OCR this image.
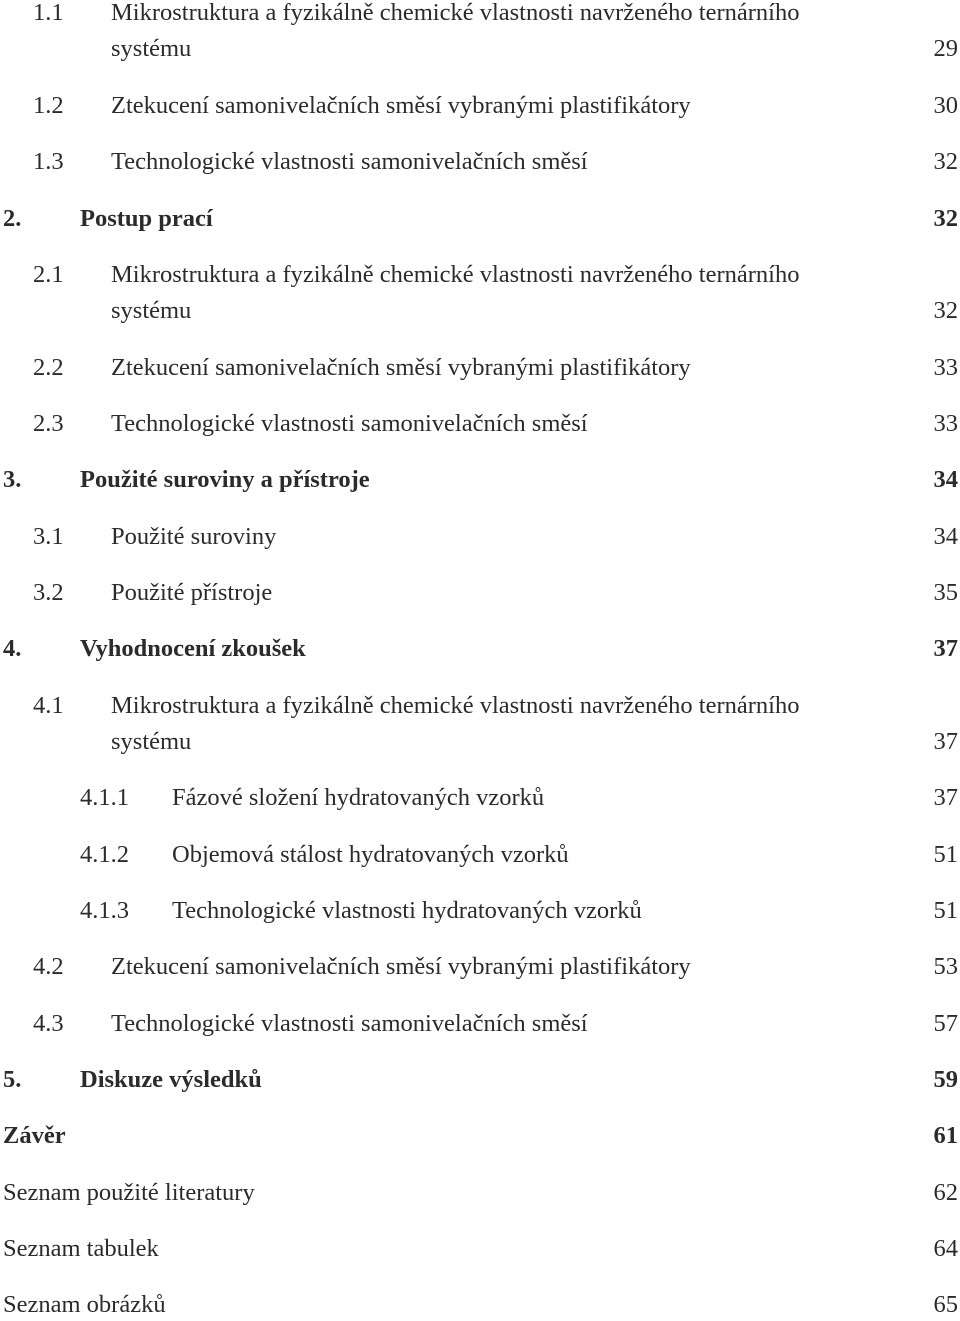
1.1 Mikrostruktura a fyzikálně chemické vlastnosti navrženého ternárního
systému	29
1.2 Ztekucení samonivelačních směsí vybranými plastifikátory	30
1.3 Technologické vlastnosti samonivelačních směsí	32
2. Postup prací	32
2.1 Mikrostruktura a fyzikálně chemické vlastnosti navrženého ternárního
systému	32
2.2 Ztekucení samonivelačních směsí vybranými plastifikátory	33
2.3 Technologické vlastnosti samonivelačních směsí	33
3. Použité suroviny a přístroje	34
3.1 Použité suroviny	34
3.2 Použité přístroje	35
4. Vyhodnocení zkoušek	37
4.1 Mikrostruktura a fyzikálně chemické vlastnosti navrženého ternárního
systému	37
4.1.1 Fázové složení hydratovaných vzorků	37
4.1.2 Objemová stálost hydratovaných vzorků	51
4.1.3 Technologické vlastnosti hydratovaných vzorků	51
4.2 Ztekucení samonivelačních směsí vybranými plastifikátory	53
4.3 Technologické vlastnosti samonivelačních směsí	57
5. Diskuze výsledků	59
Závěr	61
Seznam použité literatury	62
Seznam tabulek	64
Seznam obrázků	65
